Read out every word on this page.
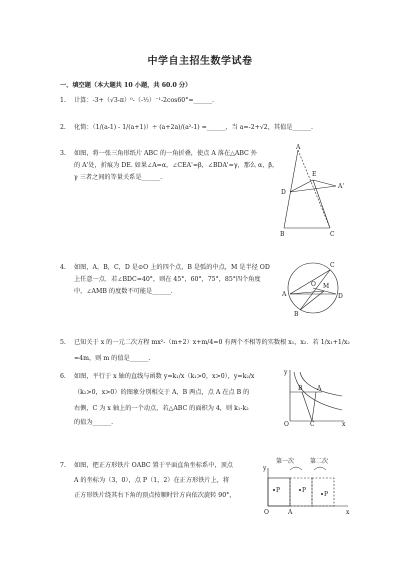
中学自主招生数学试卷
一、填空题（本大题共 10 小题，共 60.0 分）
1. 计算：-3+（√3-π）⁰-（-½）⁻¹-2cos60°=______.
2. 化简：（1/(a-1) - 1/(a+1)）÷ (a+2a)/(a²-1) =______，当 a=-2+√2，其值是______.
3. 如图，将一张三角形纸片 ABC 的一角折叠，使点 A 落在△ABC 外
的 A'处，折痕为 DE. 如果∠A=α，∠CEA'=β，∠BDA'=γ，那么 α，β，
γ 三者之间的等量关系是______.
A
E
A'
D
B	C
4. 如图，A，B，C，D 是⊙O 上的四个点，B 是弧的中点，M 是半径 OD
上任意一点．若∠BDC=40°，则在 45°，60°，75°，85°四个角度
中，∠AMB 的度数不可能是______.	A
B
C
D
O M
5. 已知关于 x 的一元二次方程 mx²-（m+2）x+m/4=0 有两个不相等的实数根 x₁，x₂．若 1/x₁+1/x₂
=4m，则 m 的值是______.
6. 如图，平行于 x 轴的直线与函数 y=k₁/x（k₁>0，x>0），y=k₂/x
（k₂>0，x>0）的图象分别相交于 A，B 两点，点 A 在点 B 的
右侧，C 为 x 轴上的一个动点，若△ABC 的面积为 4，则 k₁-k₂
的值为______.
y
x
O
A
B
C
7. 如图，把正方形铁片 OABC 置于平面直角坐标系中，顶点
A 的坐标为（3，0），点 P（1，2）在正方形铁片上，将
正方形铁片绕其右下角的顶点按顺时针方向依次旋转 90°，
第一次	第二次
y
x
O	A
P	P
P
